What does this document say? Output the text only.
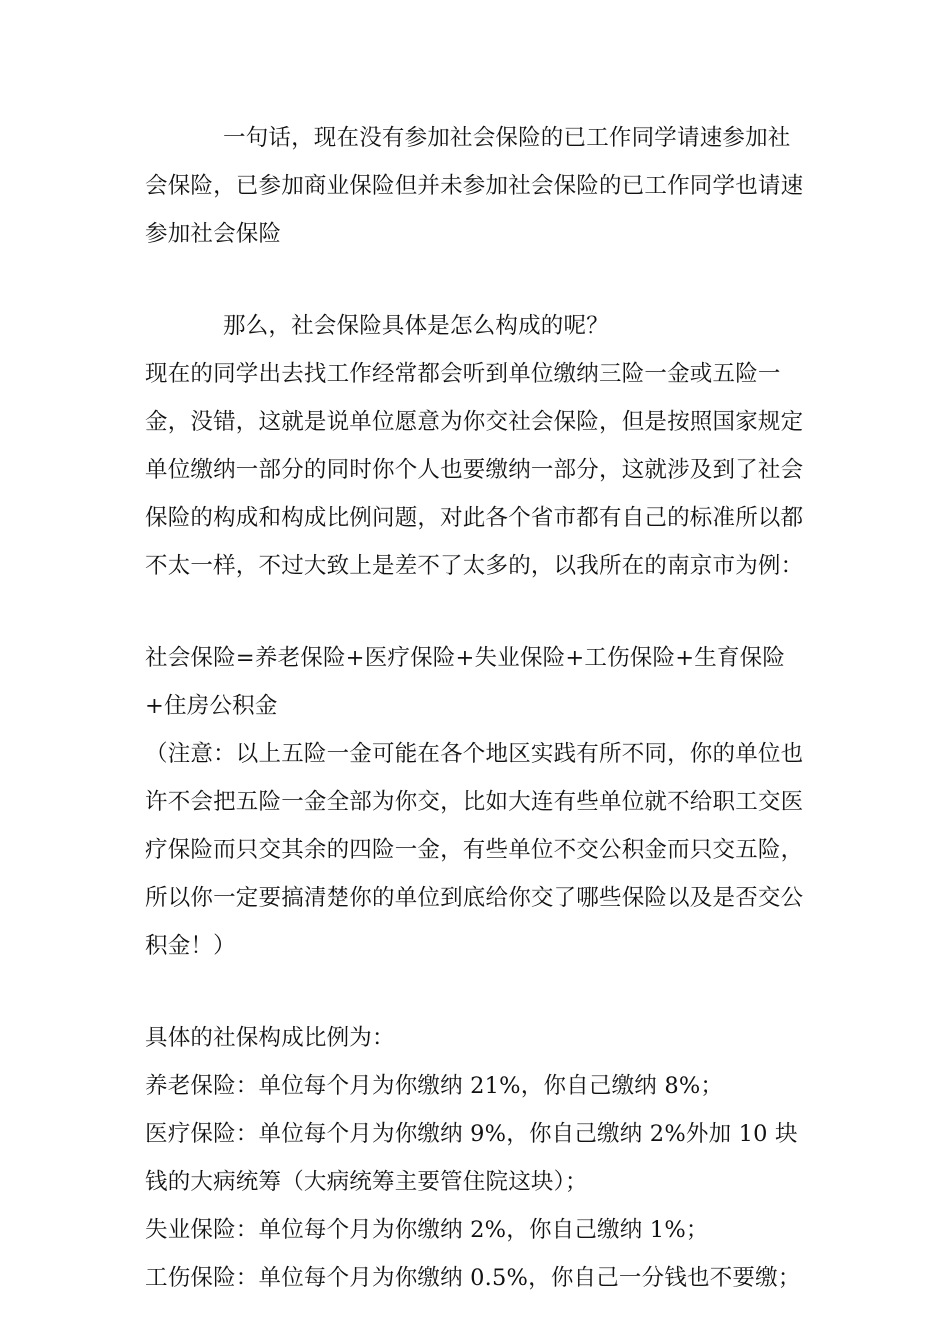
一句话，现在没有参加社会保险的已工作同学请速参加社会保险，已参加商业保险但并未参加社会保险的已工作同学也请速参加社会保险

那么，社会保险具体是怎么构成的呢？

现在的同学出去找工作经常都会听到单位缴纳三险一金或五险一金，没错，这就是说单位愿意为你交社会保险，但是按照国家规定单位缴纳一部分的同时你个人也要缴纳一部分，这就涉及到了社会保险的构成和构成比例问题，对此各个省市都有自己的标准所以都不太一样，不过大致上是差不了太多的，以我所在的南京市为例：

社会保险=养老保险+医疗保险+失业保险+工伤保险+生育保险+住房公积金

（注意：以上五险一金可能在各个地区实践有所不同，你的单位也许不会把五险一金全部为你交，比如大连有些单位就不给职工交医疗保险而只交其余的四险一金，有些单位不交公积金而只交五险，所以你一定要搞清楚你的单位到底给你交了哪些保险以及是否交公积金！）

具体的社保构成比例为：

养老保险：单位每个月为你缴纳 21%，你自己缴纳 8%；

医疗保险：单位每个月为你缴纳 9%，你自己缴纳 2%外加 10 块钱的大病统筹（大病统筹主要管住院这块）；

失业保险：单位每个月为你缴纳 2%，你自己缴纳 1%；

工伤保险：单位每个月为你缴纳 0.5%，你自己一分钱也不要缴；
